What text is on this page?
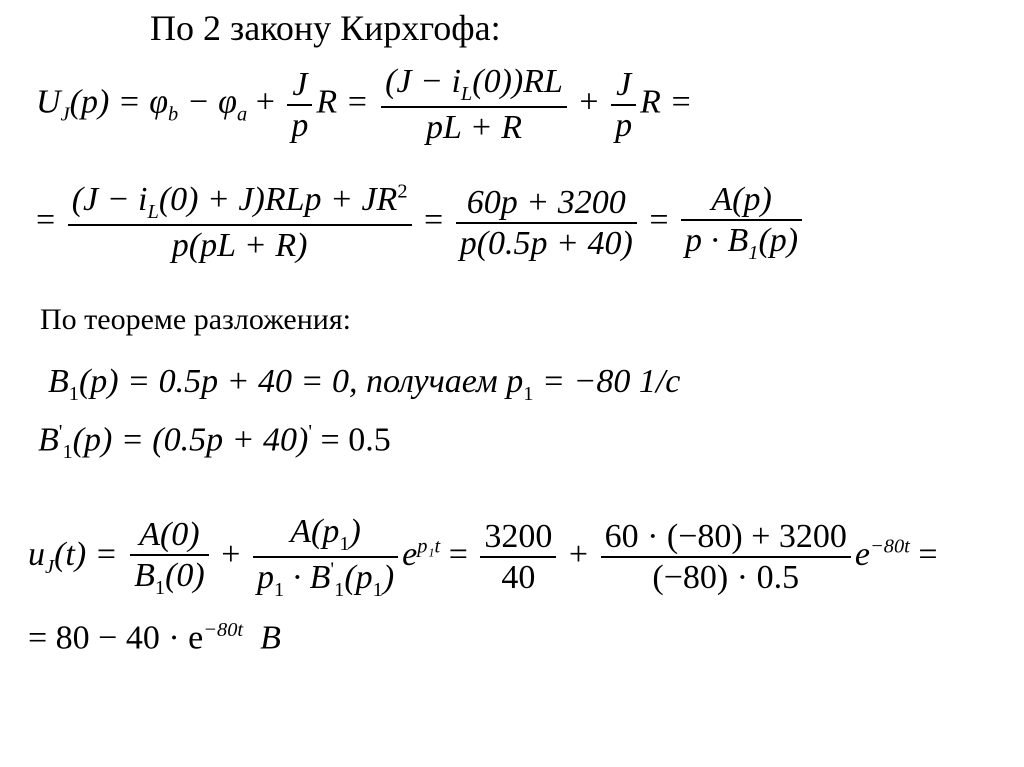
По 2 закону Кирхгофа:
$U_J(p) = \varphi_b - \varphi_a + \frac{J}{p}$ $R = \frac{(J - i_L(0))RL}{pL + R} + \frac{J}{p}$ R =
=
$(J - i_L(0) + J)RLp + JR^2$
p(pL + R)
= $\frac{60p + 3200}{p(0.5p + 40)} = \frac{A(p)}{p \cdot B_1(p)}$
По теореме разложения:
$B_1(p) = 0.5p + 40 = 0$, получаем $p_1 = -80$ 1/c
$B'_1(p) = (0.5p + 40)' = 0.5$
$u_J(t) = \frac{A(0)}{B_1(0)} + \frac{A(p_1)}{p_1 \cdot B'_1(p_1)} e^{p_1t} = \frac{3200}{40} + \frac{60 \cdot (-80) + 3200}{(-80) \cdot 0.5} e^{-80t}$ =
= $80 - 40 \cdot e^{-80t}$  B
